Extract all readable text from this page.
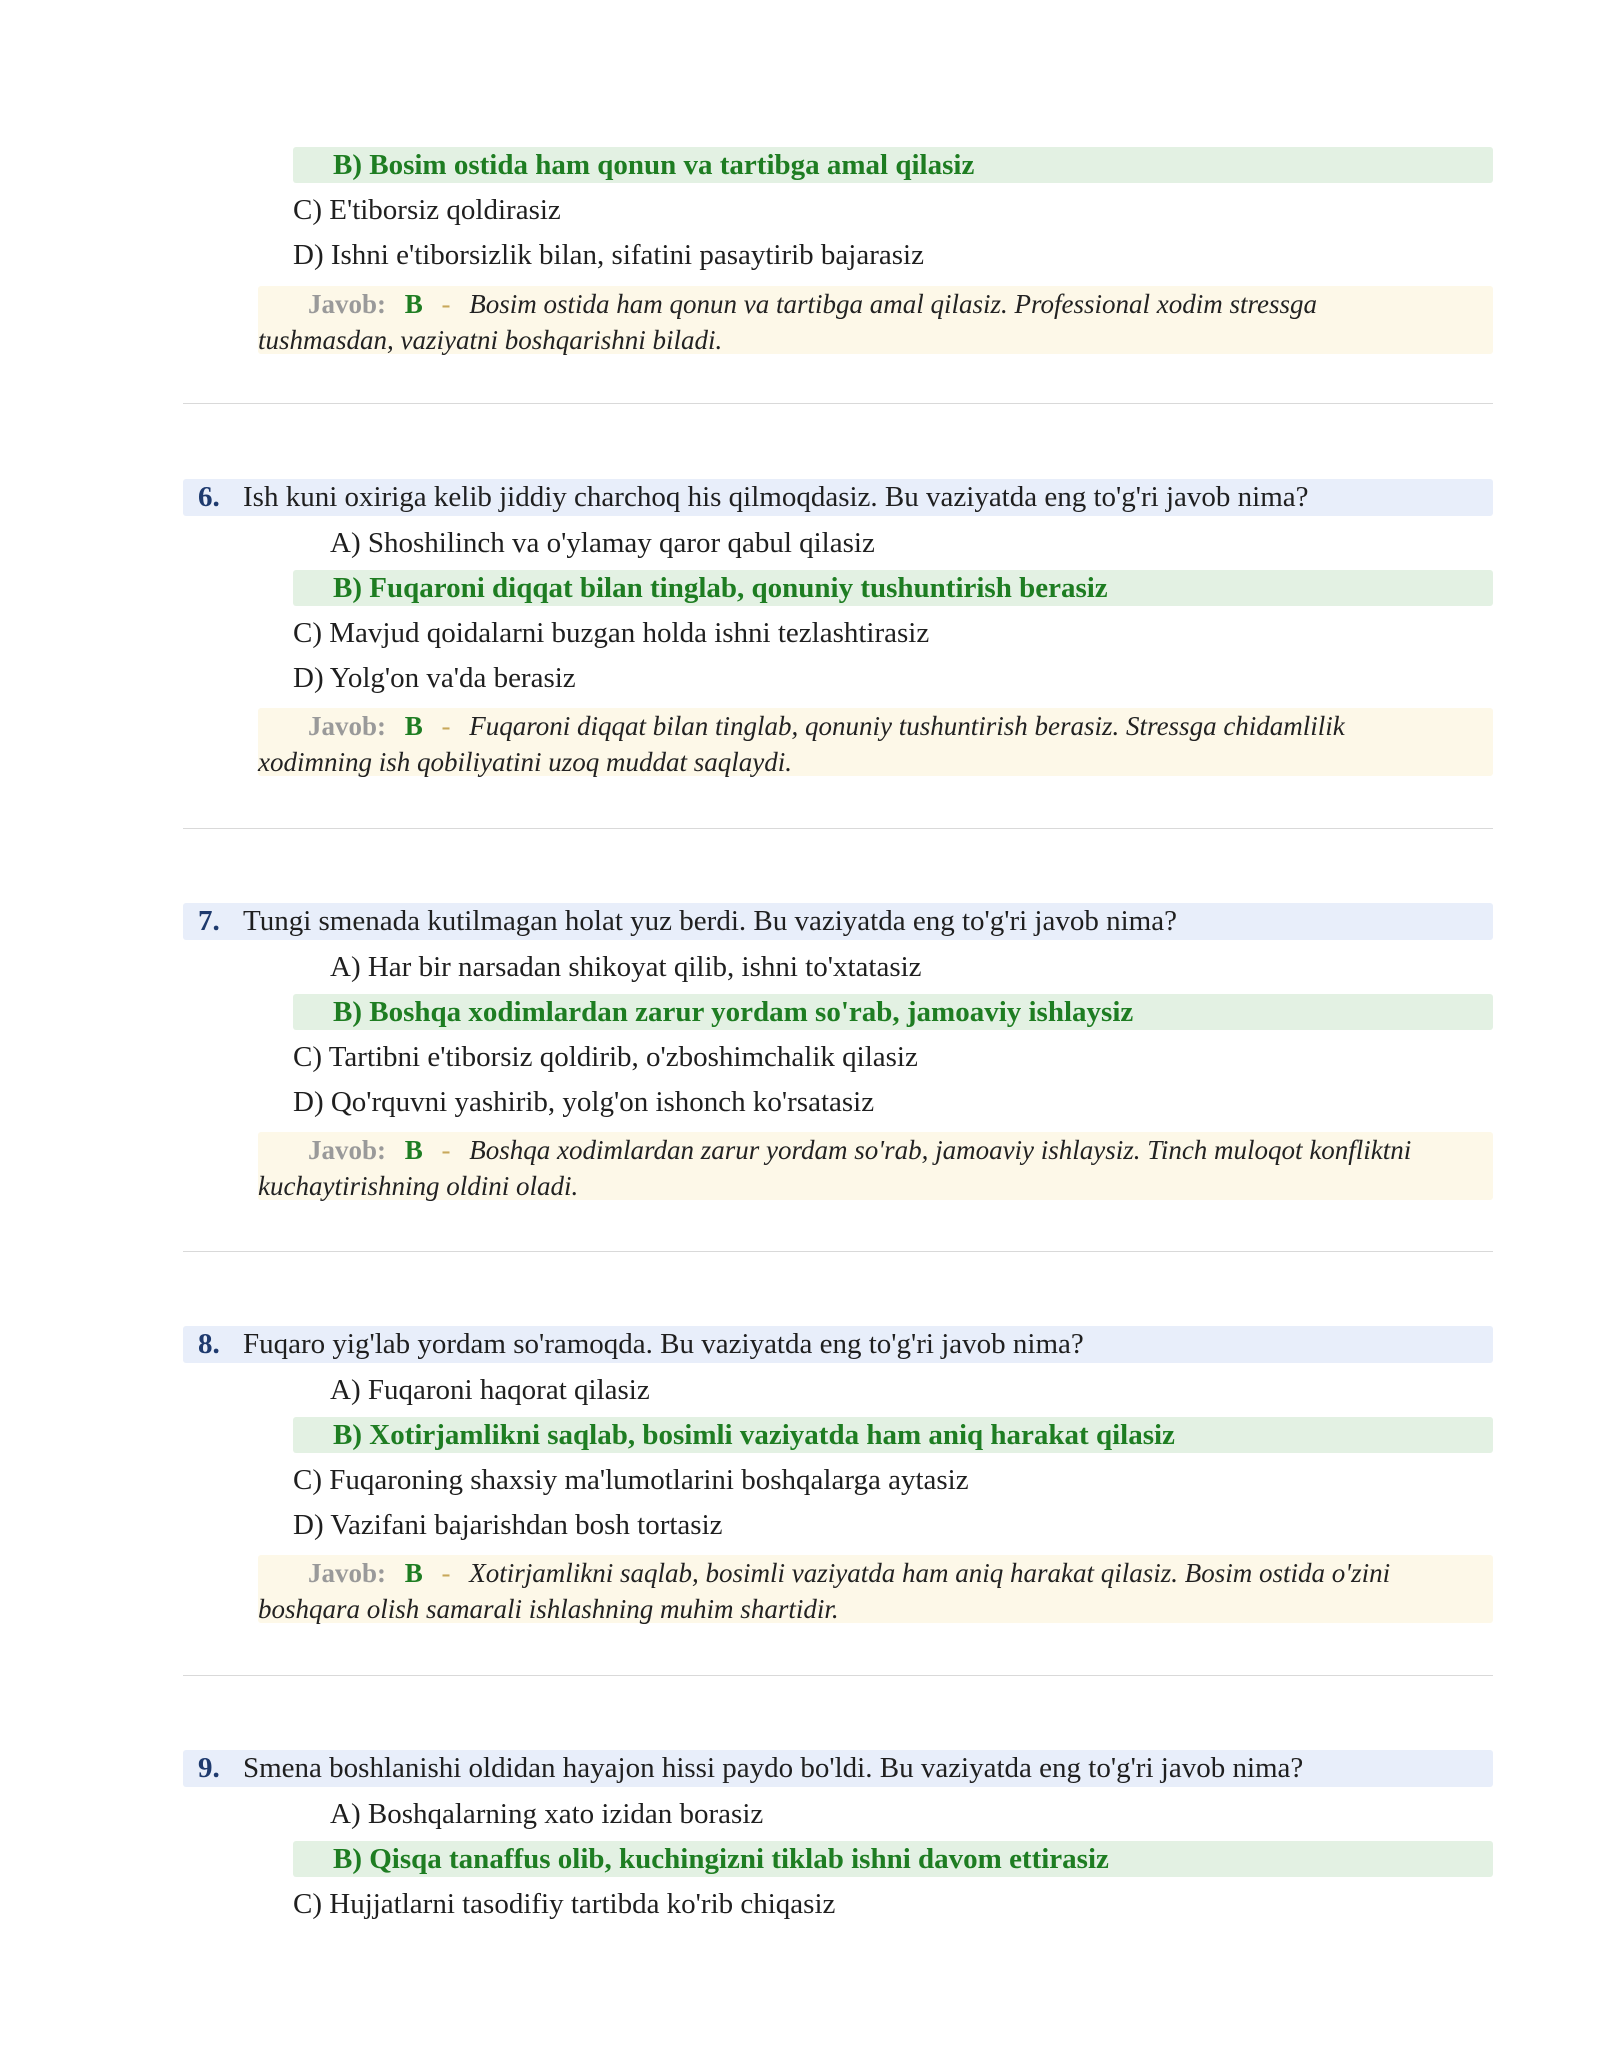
B) Bosim ostida ham qonun va tartibga amal qilasiz
C) E'tiborsiz qoldirasiz
D) Ishni e'tiborsizlik bilan, sifatini pasaytirib bajarasiz
Javob: B - Bosim ostida ham qonun va tartibga amal qilasiz. Professional xodim stressga
tushmasdan, vaziyatni boshqarishni biladi.
6. Ish kuni oxiriga kelib jiddiy charchoq his qilmoqdasiz. Bu vaziyatda eng to'g'ri javob nima?
A) Shoshilinch va o'ylamay qaror qabul qilasiz
B) Fuqaroni diqqat bilan tinglab, qonuniy tushuntirish berasiz
C) Mavjud qoidalarni buzgan holda ishni tezlashtirasiz
D) Yolg'on va'da berasiz
Javob: B - Fuqaroni diqqat bilan tinglab, qonuniy tushuntirish berasiz. Stressga chidamlilik
xodimning ish qobiliyatini uzoq muddat saqlaydi.
7. Tungi smenada kutilmagan holat yuz berdi. Bu vaziyatda eng to'g'ri javob nima?
A) Har bir narsadan shikoyat qilib, ishni to'xtatasiz
B) Boshqa xodimlardan zarur yordam so'rab, jamoaviy ishlaysiz
C) Tartibni e'tiborsiz qoldirib, o'zboshimchalik qilasiz
D) Qo'rquvni yashirib, yolg'on ishonch ko'rsatasiz
Javob: B - Boshqa xodimlardan zarur yordam so'rab, jamoaviy ishlaysiz. Tinch muloqot konfliktni
kuchaytirishning oldini oladi.
8. Fuqaro yig'lab yordam so'ramoqda. Bu vaziyatda eng to'g'ri javob nima?
A) Fuqaroni haqorat qilasiz
B) Xotirjamlikni saqlab, bosimli vaziyatda ham aniq harakat qilasiz
C) Fuqaroning shaxsiy ma'lumotlarini boshqalarga aytasiz
D) Vazifani bajarishdan bosh tortasiz
Javob: B - Xotirjamlikni saqlab, bosimli vaziyatda ham aniq harakat qilasiz. Bosim ostida o'zini
boshqara olish samarali ishlashning muhim shartidir.
9. Smena boshlanishi oldidan hayajon hissi paydo bo'ldi. Bu vaziyatda eng to'g'ri javob nima?
A) Boshqalarning xato izidan borasiz
B) Qisqa tanaffus olib, kuchingizni tiklab ishni davom ettirasiz
C) Hujjatlarni tasodifiy tartibda ko'rib chiqasiz
